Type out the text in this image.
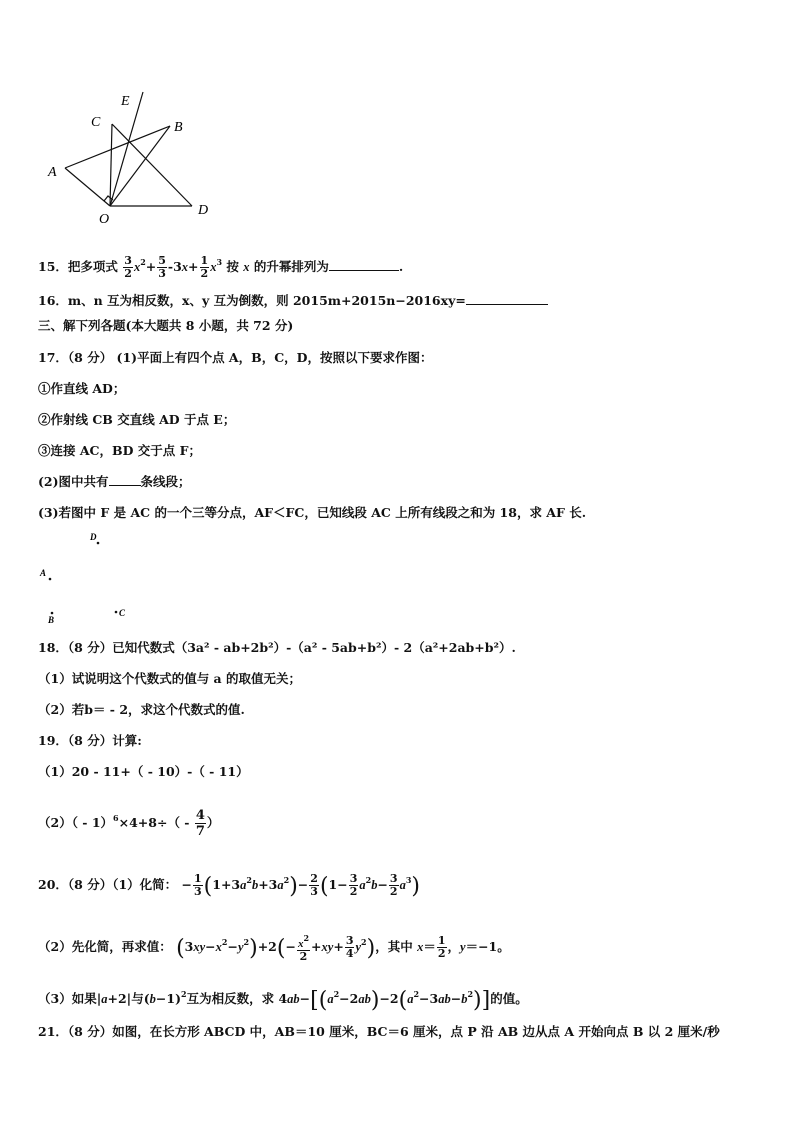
E
C	B
A
O
D
15．把多项式 $\frac{3}{2} x^2+ \frac{5}{3} -3x+ \frac{1}{2} x^3$ 按 x 的升幂排列为	.
16．m、n 互为相反数，x、y 互为倒数，则 2015m+2015n−2016xy=
三、解下列各题(本大题共 8 小题，共 72 分)
17．（8 分） (1)平面上有四个点 A，B，C，D，按照以下要求作图：
①作直线 AD；
②作射线 CB 交直线 AD 于点 E；
③连接 AC，BD 交于点 F；
(2)图中共有	条线段；
(3)若图中 F 是 AC 的一个三等分点，AF＜FC，已知线段 AC 上所有线段之和为 18，求 AF 长.
D
A
B
C
18．（8 分）已知代数式（3a² - ab+2b²）-（a² - 5ab+b²）- 2（a²+2ab+b²）.
（1）试说明这个代数式的值与 a 的取值无关；
（2）若b＝ - 2，求这个代数式的值.
19．（8 分）计算:
（1）20 - 11+（ - 10）-（ - 11）
$(2)( - 1)^6\times 4+8\div( - \frac{4}{7}$ ）
20．（8 分）（1）化简： − $\frac{1}{3} (1+3a^2b+3a^2)- \frac{2}{3} (1- \frac{3}{2} a^2b- \frac{3}{2} a^3)$
（2）先化简，再求值： $(3xy-x^2-y^2)+2(- \frac{x^2}{2} +xy+ \frac{3}{4} y^2)$，其中 $x= \frac{1}{2}$ ，y＝−1。
（3）如果|a+2|与$(b-1)^2$互为相反数，求 $4ab-[(a^2-2ab)-2(a^2-3ab-b^2)]$的值。
21．（8 分）如图，在长方形 ABCD 中，AB＝10 厘米，BC＝6 厘米，点 P 沿 AB 边从点 A 开始向点 B 以 2 厘米/秒
